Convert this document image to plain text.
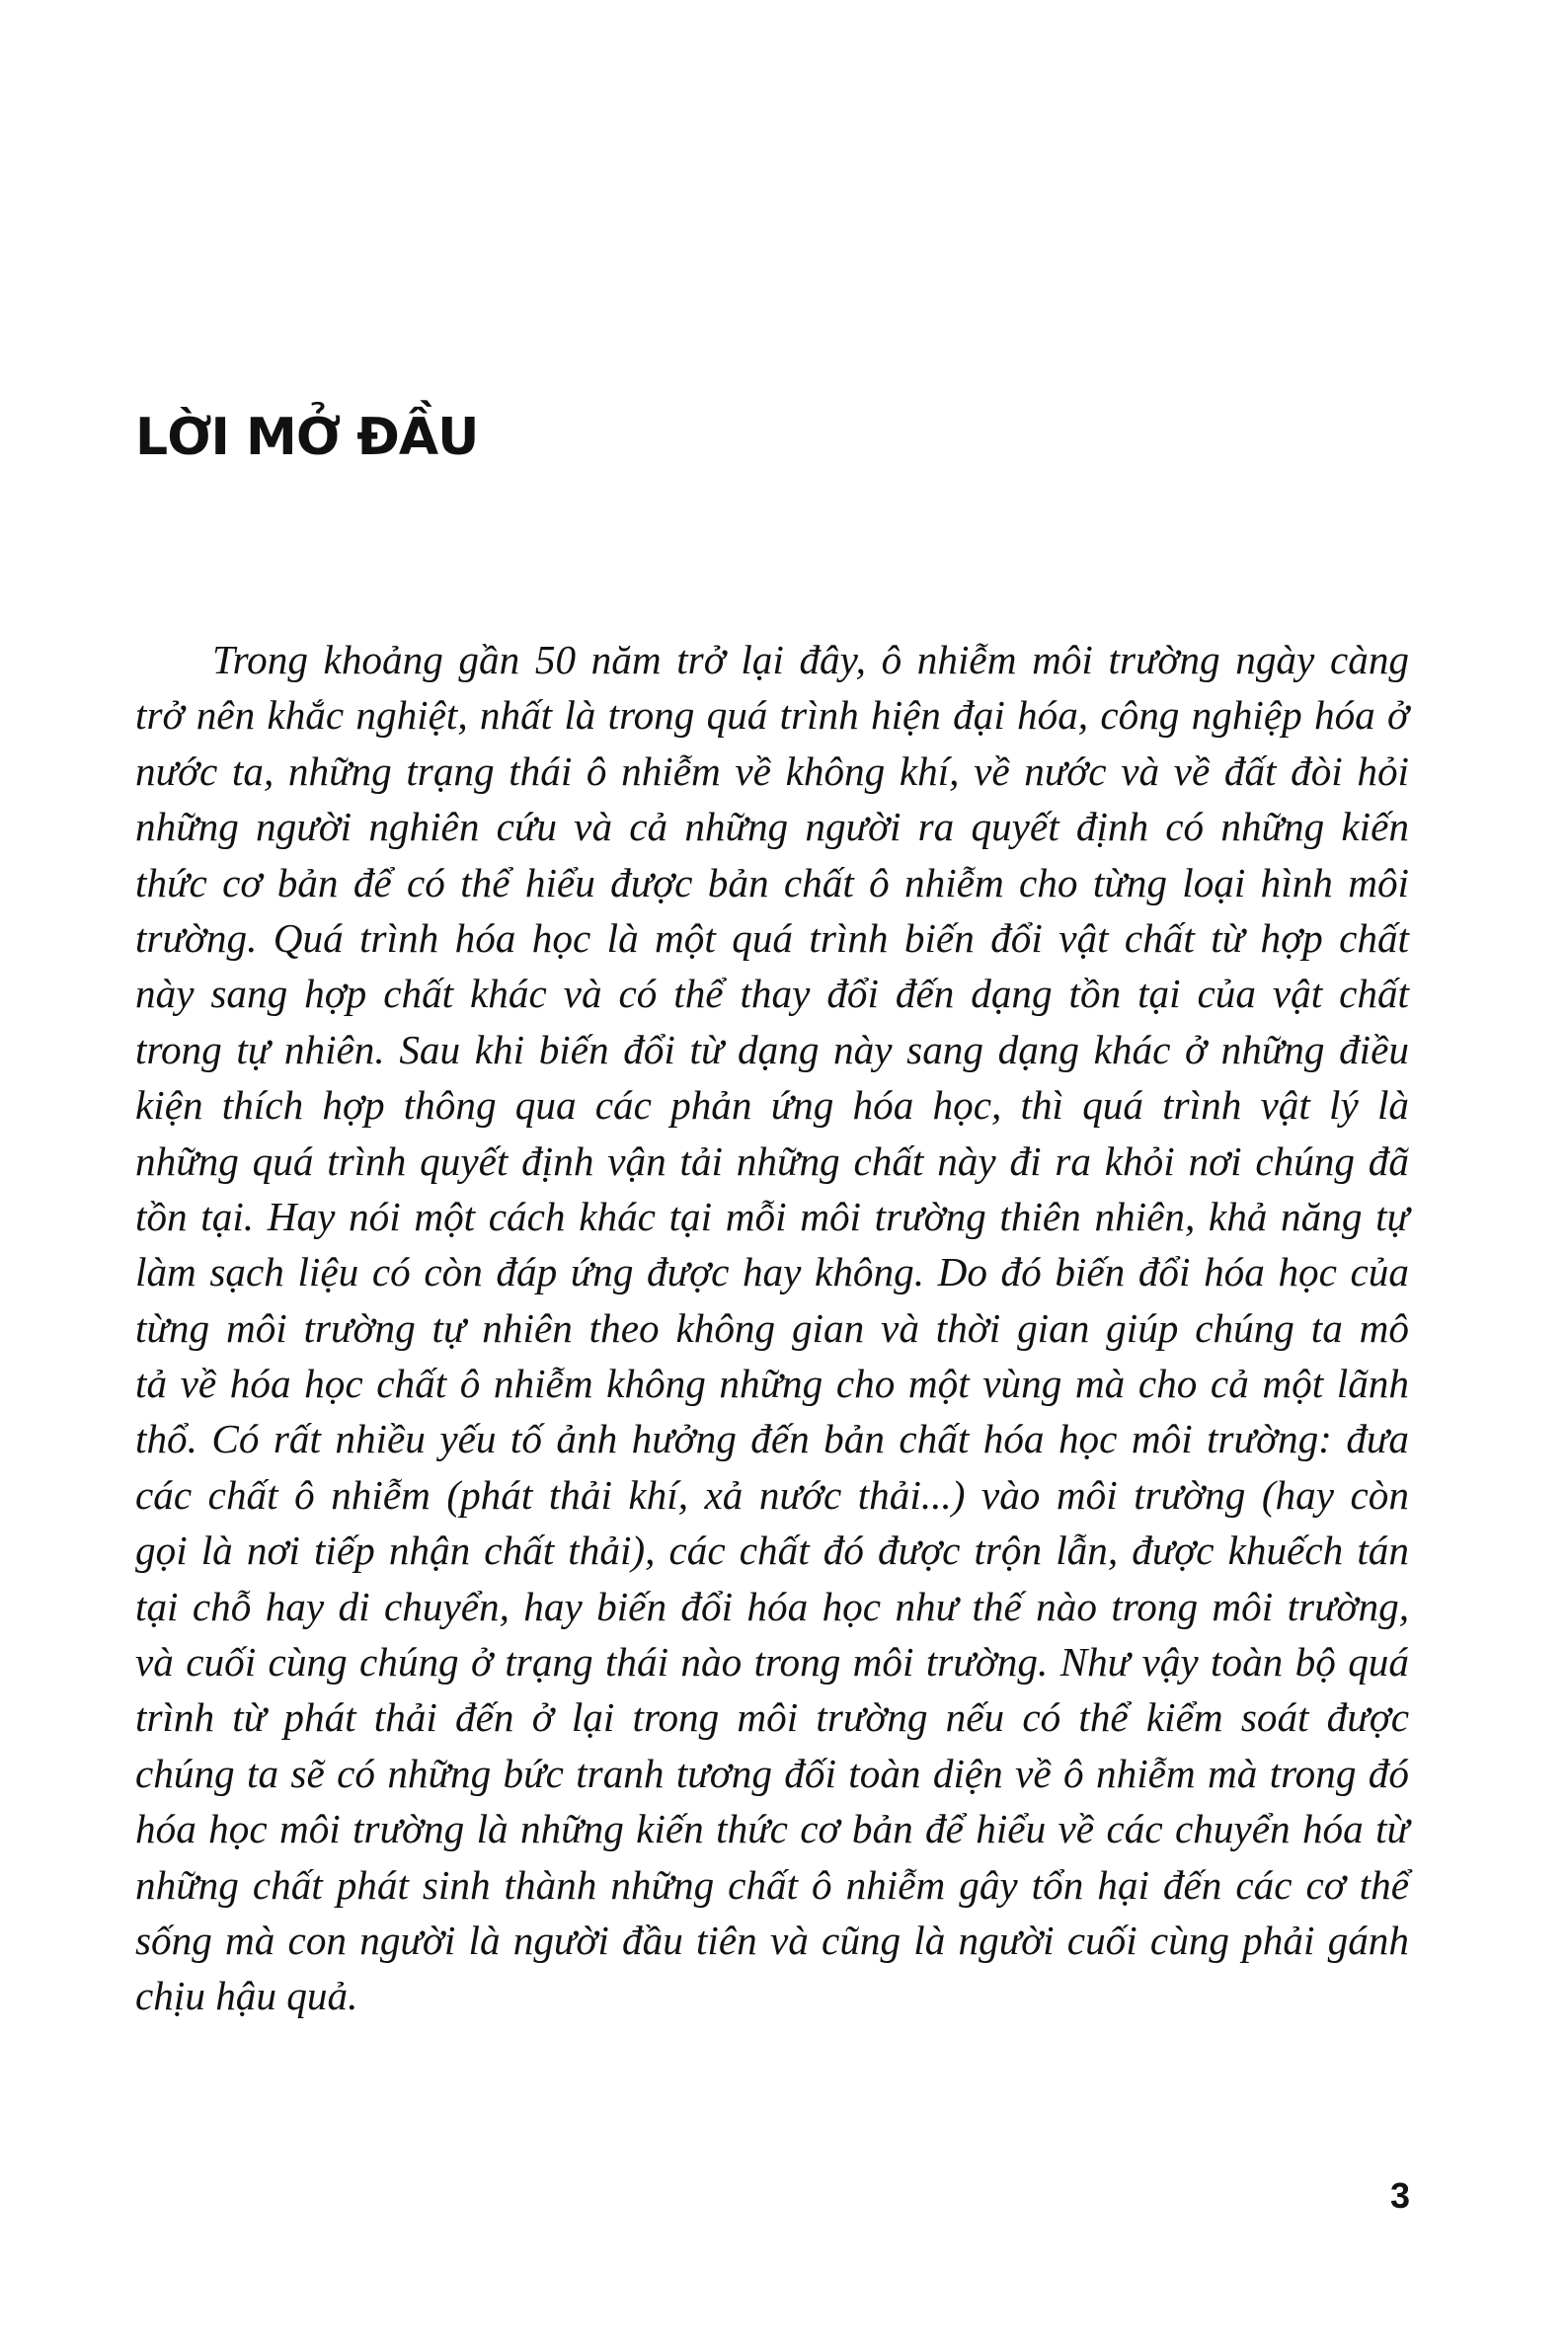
LỜI MỞ ĐẦU
Trong khoảng gần 50 năm trở lại đây, ô nhiễm môi trường ngày càng
trở nên khắc nghiệt, nhất là trong quá trình hiện đại hóa, công nghiệp hóa ở
nước ta, những trạng thái ô nhiễm về không khí, về nước và về đất đòi hỏi
những người nghiên cứu và cả những người ra quyết định có những kiến
thức cơ bản để có thể hiểu được bản chất ô nhiễm cho từng loại hình môi
trường. Quá trình hóa học là một quá trình biến đổi vật chất từ hợp chất
này sang hợp chất khác và có thể thay đổi đến dạng tồn tại của vật chất
trong tự nhiên. Sau khi biến đổi từ dạng này sang dạng khác ở những điều
kiện thích hợp thông qua các phản ứng hóa học, thì quá trình vật lý là
những quá trình quyết định vận tải những chất này đi ra khỏi nơi chúng đã
tồn tại. Hay nói một cách khác tại mỗi môi trường thiên nhiên, khả năng tự
làm sạch liệu có còn đáp ứng được hay không. Do đó biến đổi hóa học của
từng môi trường tự nhiên theo không gian và thời gian giúp chúng ta mô
tả về hóa học chất ô nhiễm không những cho một vùng mà cho cả một lãnh
thổ. Có rất nhiều yếu tố ảnh hưởng đến bản chất hóa học môi trường: đưa
các chất ô nhiễm (phát thải khí, xả nước thải...) vào môi trường (hay còn
gọi là nơi tiếp nhận chất thải), các chất đó được trộn lẫn, được khuếch tán
tại chỗ hay di chuyển, hay biến đổi hóa học như thế nào trong môi trường,
và cuối cùng chúng ở trạng thái nào trong môi trường. Như vậy toàn bộ quá
trình từ phát thải đến ở lại trong môi trường nếu có thể kiểm soát được
chúng ta sẽ có những bức tranh tương đối toàn diện về ô nhiễm mà trong đó
hóa học môi trường là những kiến thức cơ bản để hiểu về các chuyển hóa từ
những chất phát sinh thành những chất ô nhiễm gây tổn hại đến các cơ thể
sống mà con người là người đầu tiên và cũng là người cuối cùng phải gánh
chịu hậu quả.

3
